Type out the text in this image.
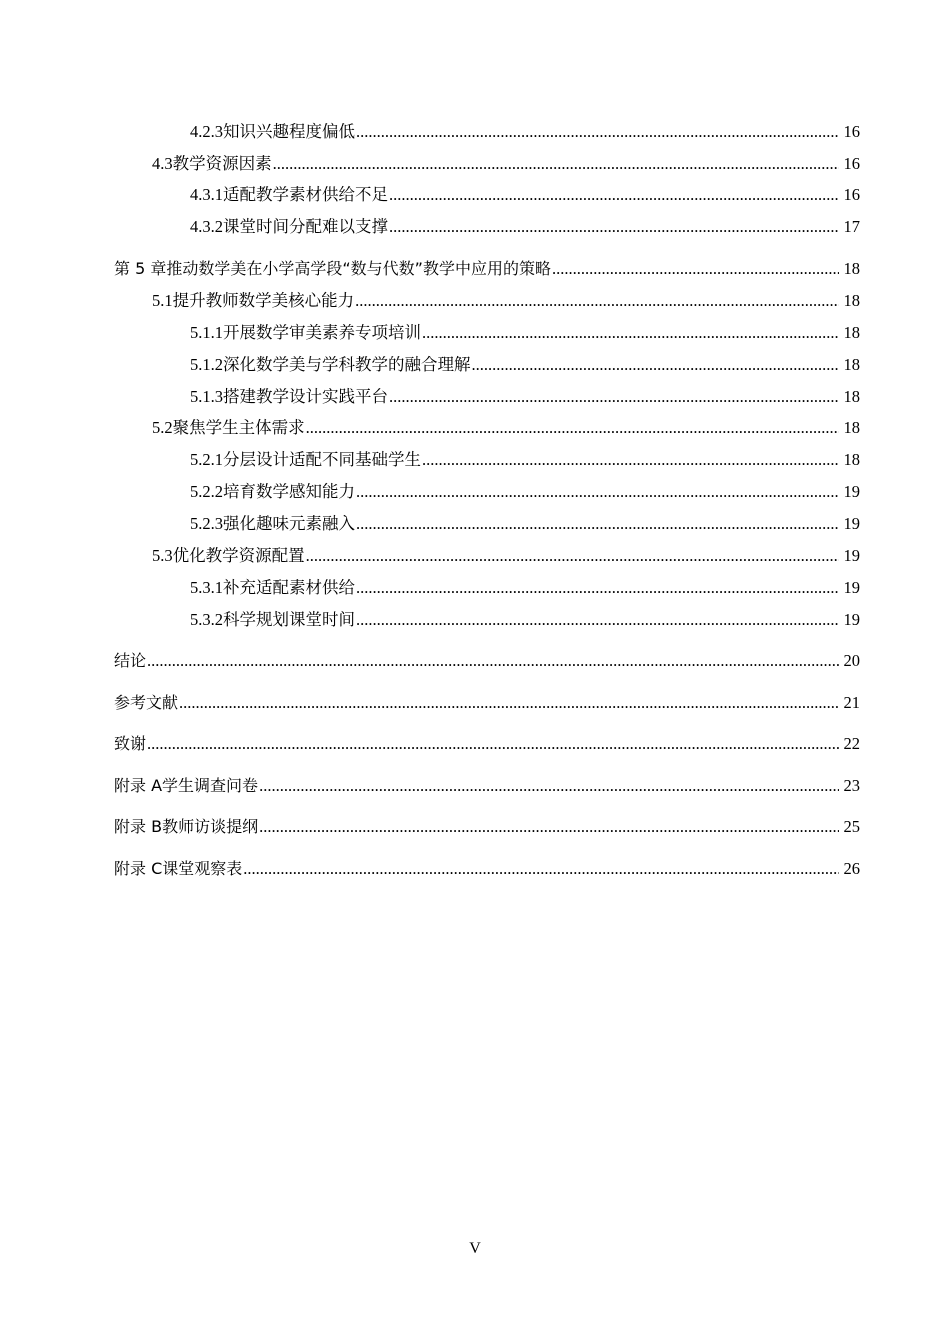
4.2.3 知识兴趣程度偏低 .....	16
4.3 教学资源因素 .....	16
4.3.1 适配教学素材供给不足 .....	16
4.3.2 课堂时间分配难以支撑 .....	17
第 5 章 推动数学美在小学高学段“数与代数”教学中应用的策略 .....	18
5.1 提升教师数学美核心能力 .....	18
5.1.1 开展数学审美素养专项培训 .....	18
5.1.2 深化数学美与学科教学的融合理解 .....	18
5.1.3 搭建教学设计实践平台 .....	18
5.2 聚焦学生主体需求 .....	18
5.2.1 分层设计适配不同基础学生 .....	18
5.2.2 培育数学感知能力 .....	19
5.2.3 强化趣味元素融入 .....	19
5.3 优化教学资源配置 .....	19
5.3.1 补充适配素材供给 .....	19
5.3.2 科学规划课堂时间 .....	19
结论 .....	20
参考文献 .....	21
致谢 .....	22
附录 A 学生调查问卷 .....	23
附录 B 教师访谈提纲 .....	25
附录 C 课堂观察表 .....	26
V
